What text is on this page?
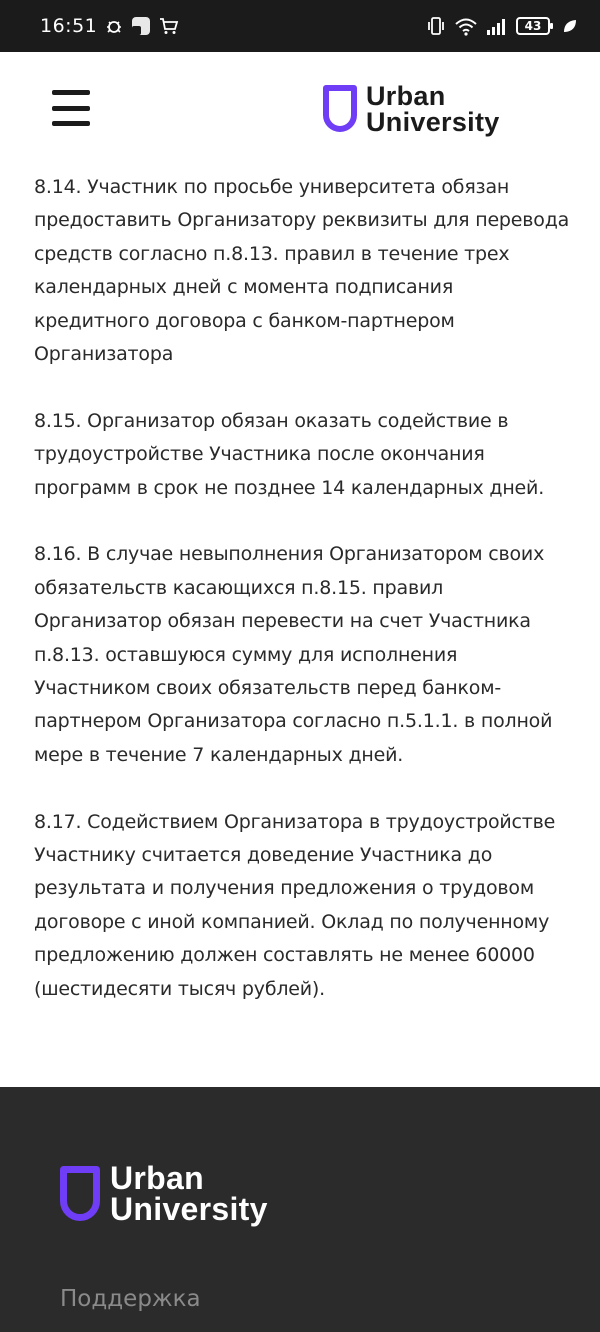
16:51	43
Urban
University

8.14. Участник по просьбе университета обязан предоставить Организатору реквизиты для перевода средств согласно п.8.13. правил в течение трех календарных дней с момента подписания кредитного договора с банком-партнером Организатора

8.15. Организатор обязан оказать содействие в трудоустройстве Участника после окончания программ в срок не позднее 14 календарных дней.

8.16. В случае невыполнения Организатором своих обязательств касающихся п.8.15. правил Организатор обязан перевести на счет Участника п.8.13. оставшуюся сумму для исполнения Участником своих обязательств перед банком-партнером Организатора согласно п.5.1.1. в полной мере в течение 7 календарных дней.

8.17. Содействием Организатора в трудоустройстве Участнику считается доведение Участника до результата и получения предложения о трудовом договоре с иной компанией. Оклад по полученному предложению должен составлять не менее 60000 (шестидесяти тысяч рублей).

Urban
University
Поддержка
